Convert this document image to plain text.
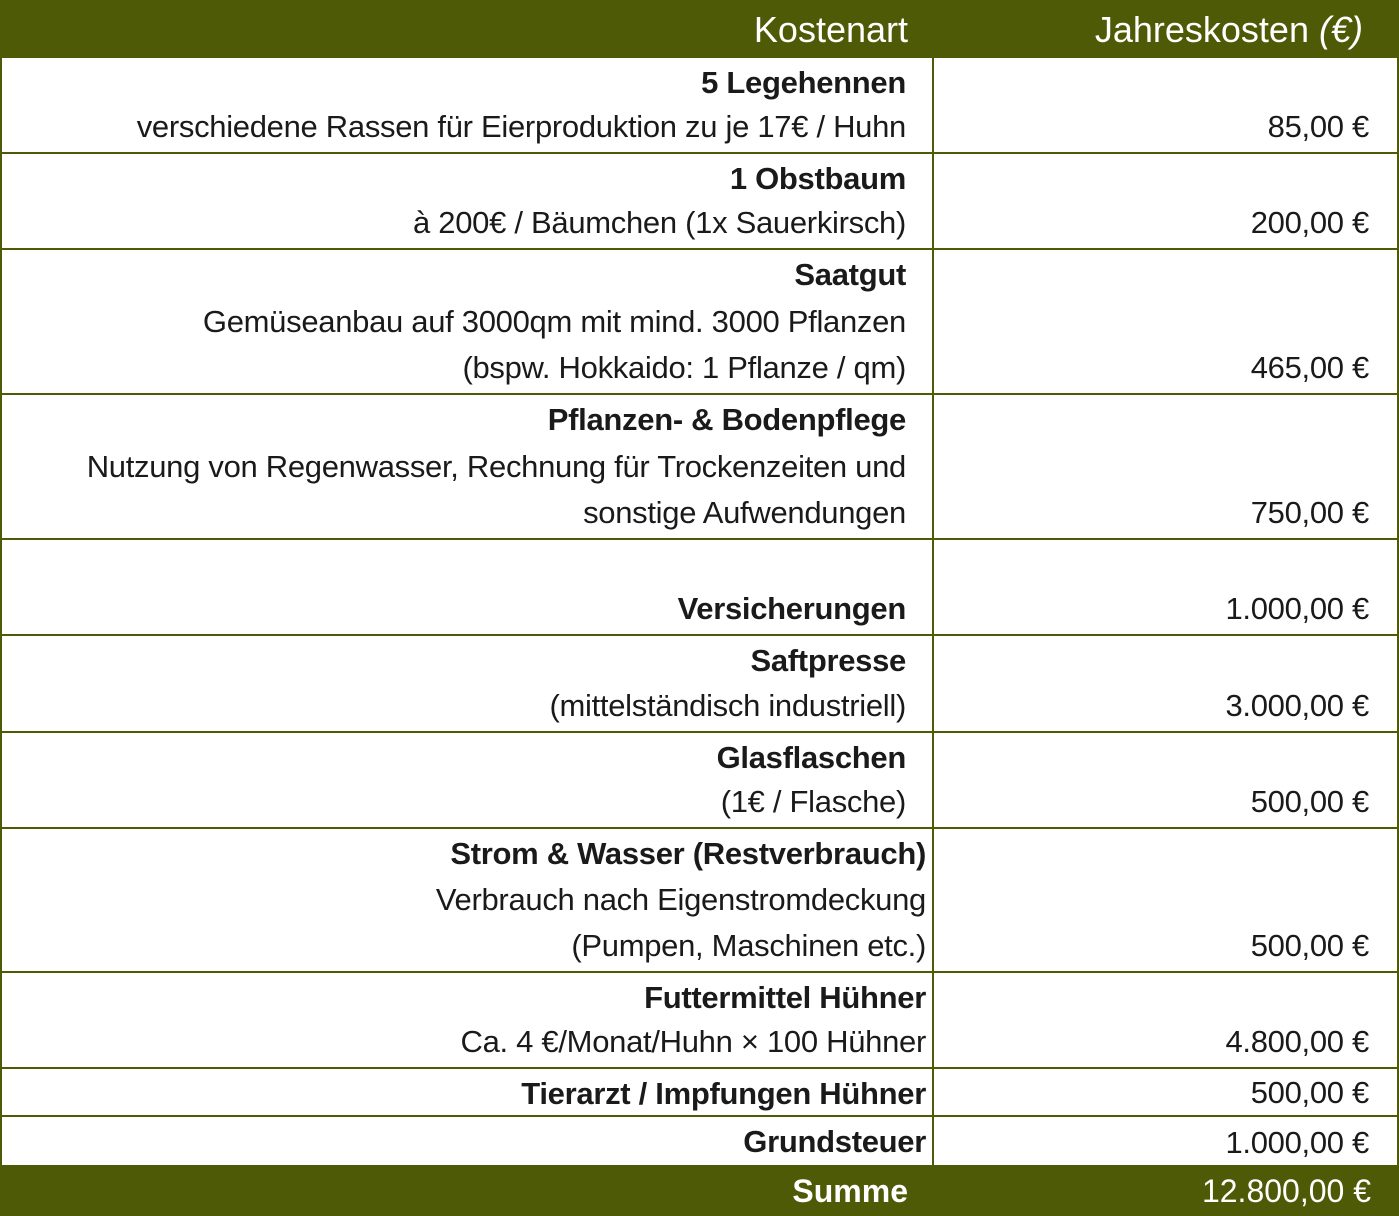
Kostenart	Jahreskosten (€)
5 Legehennen
verschiedene Rassen für Eierproduktion zu je 17€ / Huhn	85,00 €
1 Obstbaum
à 200€ / Bäumchen (1x Sauerkirsch)	200,00 €
Saatgut
Gemüseanbau auf 3000qm mit mind. 3000 Pflanzen
(bspw. Hokkaido: 1 Pflanze / qm)	465,00 €
Pflanzen- & Bodenpflege
Nutzung von Regenwasser, Rechnung für Trockenzeiten und
sonstige Aufwendungen	750,00 €

Versicherungen	1.000,00 €
Saftpresse
(mittelständisch industriell)	3.000,00 €
Glasflaschen
(1€ / Flasche)	500,00 €
Strom & Wasser (Restverbrauch)
Verbrauch nach Eigenstromdeckung
(Pumpen, Maschinen etc.)	500,00 €
Futtermittel Hühner
Ca. 4 €/Monat/Huhn × 100 Hühner	4.800,00 €
Tierarzt / Impfungen Hühner	500,00 €
Grundsteuer	1.000,00 €
Summe	12.800,00 €
